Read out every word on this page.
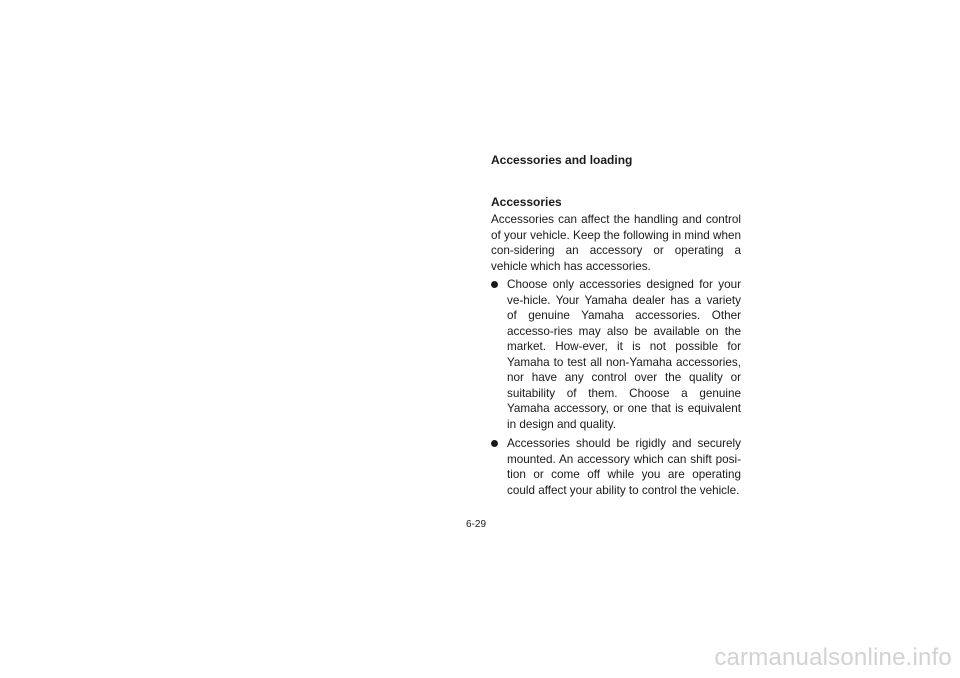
Accessories and loading
Accessories

Accessories can affect the handling and control of your vehicle. Keep the following in mind when con-sidering an accessory or operating a vehicle which has accessories.

Choose only accessories designed for your ve-hicle. Your Yamaha dealer has a variety of genuine Yamaha accessories. Other accesso-ries may also be available on the market. How-ever, it is not possible for Yamaha to test all non-Yamaha accessories, nor have any control over the quality or suitability of them. Choose a genuine Yamaha accessory, or one that is equivalent in design and quality.
Accessories should be rigidly and securely mounted. An accessory which can shift posi-tion or come off while you are operating could affect your ability to control the vehicle.
6-29
carmanualsonline.info
